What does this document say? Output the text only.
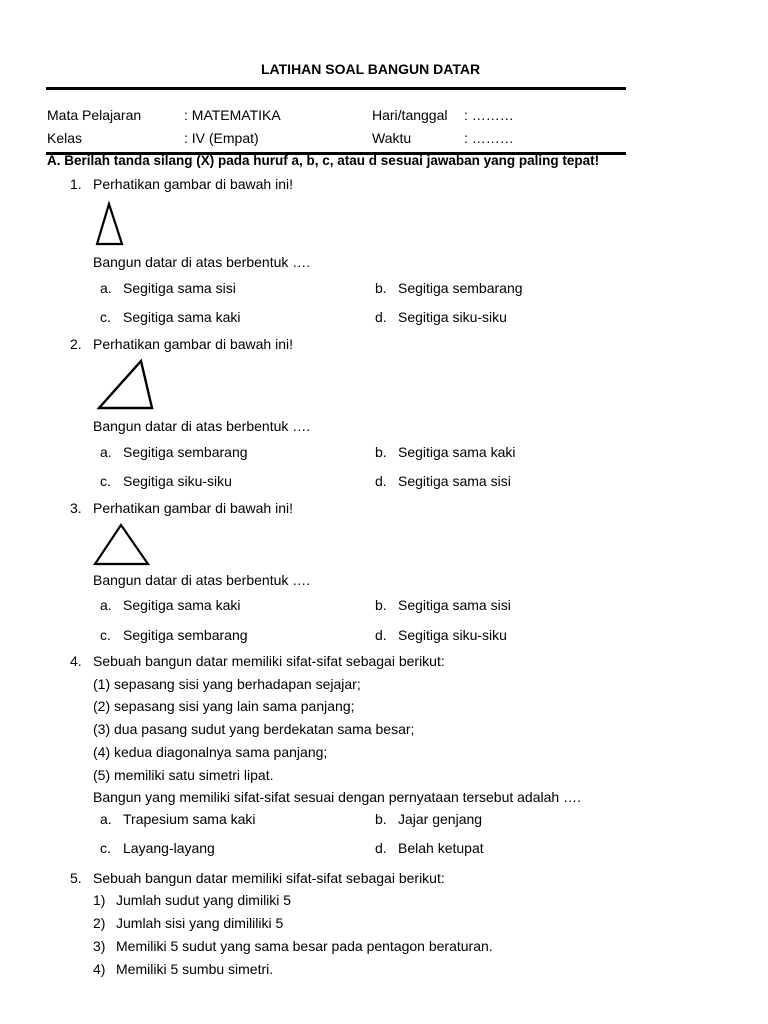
LATIHAN SOAL BANGUN DATAR
Mata Pelajaran	: MATEMATIKA	Hari/tanggal : ………
Kelas	: IV (Empat)	Waktu	: ………
A. Berilah tanda silang (X) pada huruf a, b, c, atau d sesuai jawaban yang paling tepat!
1. Perhatikan gambar di bawah ini!
Bangun datar di atas berbentuk ….
a. Segitiga sama sisi	b. Segitiga sembarang
c. Segitiga sama kaki	d. Segitiga siku-siku
2. Perhatikan gambar di bawah ini!
Bangun datar di atas berbentuk ….
a. Segitiga sembarang	b. Segitiga sama kaki
c. Segitiga siku-siku	d. Segitiga sama sisi
3. Perhatikan gambar di bawah ini!
Bangun datar di atas berbentuk ….
a. Segitiga sama kaki	b. Segitiga sama sisi
c. Segitiga sembarang	d. Segitiga siku-siku
4. Sebuah bangun datar memiliki sifat-sifat sebagai berikut:
(1) sepasang sisi yang berhadapan sejajar;
(2) sepasang sisi yang lain sama panjang;
(3) dua pasang sudut yang berdekatan sama besar;
(4) kedua diagonalnya sama panjang;
(5) memiliki satu simetri lipat.
Bangun yang memiliki sifat-sifat sesuai dengan pernyataan tersebut adalah ….
a. Trapesium sama kaki	b. Jajar genjang
c. Layang-layang	d. Belah ketupat
5. Sebuah bangun datar memiliki sifat-sifat sebagai berikut:
1) Jumlah sudut yang dimiliki 5
2) Jumlah sisi yang dimililiki 5
3) Memiliki 5 sudut yang sama besar pada pentagon beraturan.
4) Memiliki 5 sumbu simetri.
